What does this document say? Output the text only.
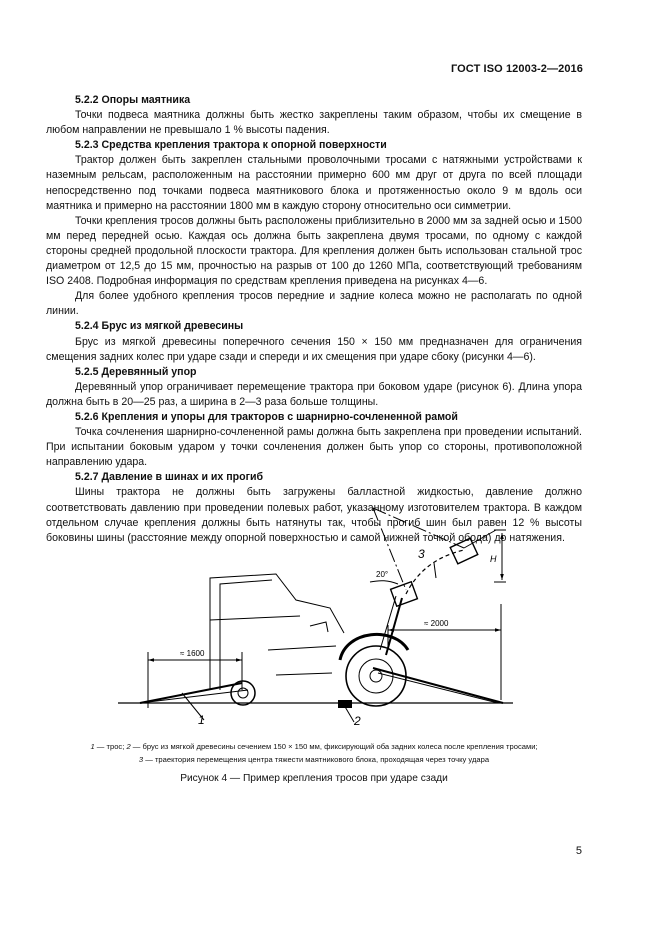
ГОСТ ISO 12003-2—2016
5.2.2 Опоры маятника

Точки подвеса маятника должны быть жестко закреплены таким образом, чтобы их смещение в любом направлении не превышало 1 % высоты падения.

5.2.3 Средства крепления трактора к опорной поверхности

Трактор должен быть закреплен стальными проволочными тросами с натяжными устройствами к наземным рельсам, расположенным на расстоянии примерно 600 мм друг от друга по всей площади непосредственно под точками подвеса маятникового блока и протяженностью около 9 м вдоль оси маятника и примерно на расстоянии 1800 мм в каждую сторону относительно оси симметрии.

Точки крепления тросов должны быть расположены приблизительно в 2000 мм за задней осью и 1500 мм перед передней осью. Каждая ось должна быть закреплена двумя тросами, по одному с каждой стороны средней продольной плоскости трактора. Для крепления должен быть использован стальной трос диаметром от 12,5 до 15 мм, прочностью на разрыв от 100 до 1260 МПа, соответствующий требованиям ISO 2408. Подробная информация по средствам крепления приведена на рисунках 4—6.

Для более удобного крепления тросов передние и задние колеса можно не располагать по одной линии.

5.2.4 Брус из мягкой древесины

Брус из мягкой древесины поперечного сечения 150 × 150 мм предназначен для ограничения смещения задних колес при ударе сзади и спереди и их смещения при ударе сбоку (рисунки 4—6).

5.2.5 Деревянный упор

Деревянный упор ограничивает перемещение трактора при боковом ударе (рисунок 6). Длина упора должна быть в 20—25 раз, а ширина в 2—3 раза больше толщины.

5.2.6 Крепления и упоры для тракторов с шарнирно-сочлененной рамой

Точка сочленения шарнирно-сочлененной рамы должна быть закреплена при проведении испытаний. При испытании боковым ударом у точки сочленения должен быть упор со стороны, противоположной направлению удара.

5.2.7 Давление в шинах и их прогиб

Шины трактора не должны быть загружены балластной жидкостью, давление должно соответствовать давлению при проведении полевых работ, указанному изготовителем трактора. В каждом отдельном случае крепления должны быть натянуты так, чтобы прогиб шин был равен 12 % высоты боковины шины (расстояние между опорной поверхностью и самой нижней точкой обода) до натяжения.

≈ 1600
≈ 2000
20°
H
1	2
3
1 — трос; 2 — брус из мягкой древесины сечением 150 × 150 мм, фиксирующий оба задних колеса после крепления тросами;
3 — траектория перемещения центра тяжести маятникового блока, проходящая через точку удара
Рисунок 4 — Пример крепления тросов при ударе сзади
5
